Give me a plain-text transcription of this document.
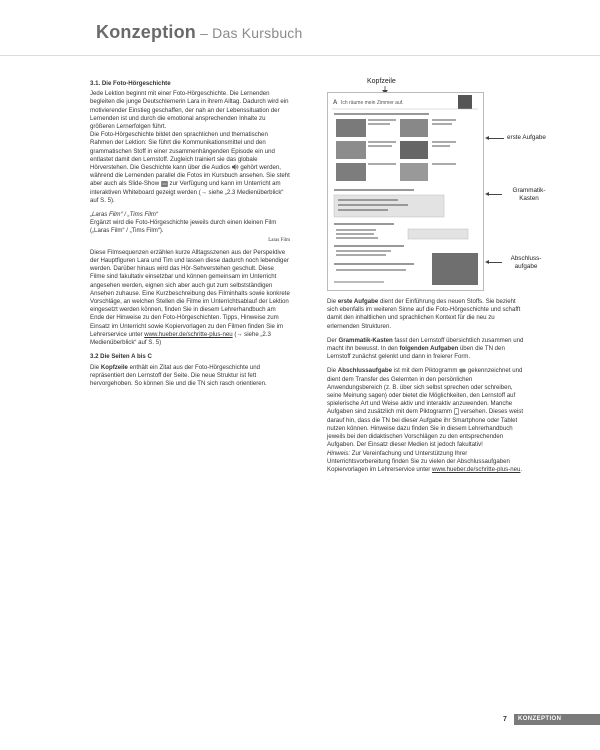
Konzeption – Das Kursbuch
3.1. Die Foto-Hörgeschichte

Jede Lektion beginnt mit einer Foto-Hörgeschichte. Die Lernenden begleiten die junge Deutschlernerin Lara in ihrem Alltag. Dadurch wird ein motivierender Einstieg geschaffen, der nah an der Lebenssituation der Lernenden ist und durch die emotional ansprechenden Inhalte zu größeren Lernerfolgen führt.

Die Foto-Hörgeschichte bildet den sprachlichen und thematischen Rahmen der Lektion: Sie führt die Kommunikationsmittel und den grammatischen Stoff in einer zusammenhängenden Episode ein und entlastet damit den Lernstoff. Zugleich trainiert sie das globale Hörverstehen. Die Geschichte kann über die Audios gehört werden, während die Lernenden parallel die Fotos im Kursbuch ansehen. Sie steht aber auch als Slide-Show zur Verfügung und kann im Unterricht am interaktiven Whiteboard gezeigt werden (→ siehe „2.3 Medienüberblick“ auf S. 5).

„Laras Film“ / „Tims Film“
Ergänzt wird die Foto-Hörgeschichte jeweils durch einen kleinen Film („Laras Film“ / „Tims Film“).
Laras Film

Diese Filmsequenzen erzählen kurze Alltagsszenen aus der Perspektive der Hauptfiguren Lara und Tim und lassen diese dadurch noch lebendiger werden. Darüber hinaus wird das Hör-Sehverstehen geschult. Diese Filme sind fakultativ einsetzbar und können gemeinsam im Unterricht angesehen werden, eignen sich aber auch gut zum selbstständigen Ansehen zuhause. Eine Kurzbeschreibung des Filminhalts sowie konkrete Vorschläge, an welchen Stellen die Filme im Unterrichtsablauf der Lektion eingesetzt werden können, finden Sie in diesem Lehrerhandbuch am Ende der Hinweise zu den Foto-Hörgeschichten. Tipps, Hinweise zum Einsatz im Unterricht sowie Kopiervorlagen zu den Filmen finden Sie im Lehrerservice unter www.hueber.de/schritte-plus-neu (→ siehe „2.3 Medienüberblick“ auf S. 5)

3.2 Die Seiten A bis C

Die Kopfzeile enthält ein Zitat aus der Foto-Hörgeschichte und repräsentiert den Lernstoff der Seite. Die neue Struktur ist fett hervorgehoben. So können Sie und die TN sich rasch orientieren.

Kopfzeile
A Ich räume mein Zimmer auf.
erste Aufgabe
Grammatik-
Kasten
Abschluss-
aufgabe

Die erste Aufgabe dient der Einführung des neuen Stoffs. Sie bezieht sich ebenfalls im weiteren Sinne auf die Foto-Hörgeschichte und schafft damit den inhaltlichen und sprachlichen Kontext für die neu zu erlernenden Strukturen.

Der Grammatik-Kasten fasst den Lernstoff übersichtlich zusammen und macht ihn bewusst. In den folgenden Aufgaben üben die TN den Lernstoff zunächst gelenkt und dann in freierer Form.

Die Abschlussaufgabe ist mit dem Piktogramm gekennzeichnet und dient dem Transfer des Gelernten in den persönlichen Anwendungsbereich (z. B. über sich selbst sprechen oder schreiben, seine Meinung sagen) oder bietet die Möglichkeiten, den Lernstoff auf spielerische Art und Weise aktiv und interaktiv anzuwenden. Manche Aufgaben sind zusätzlich mit dem Piktogramm versehen. Dieses weist darauf hin, dass die TN bei dieser Aufgabe ihr Smartphone oder Tablet nutzen können. Hinweise dazu finden Sie in diesem Lehrerhandbuch jeweils bei den didaktischen Vorschlägen zu den entsprechenden Aufgaben. Der Einsatz dieser Medien ist jedoch fakultativ!
Hinweis: Zur Vereinfachung und Unterstützung Ihrer Unterrichtsvorbereitung finden Sie zu vielen der Abschlussaufgaben Kopiervorlagen im Lehrerservice unter www.hueber.de/schritte-plus-neu.

7	KONZEPTION
